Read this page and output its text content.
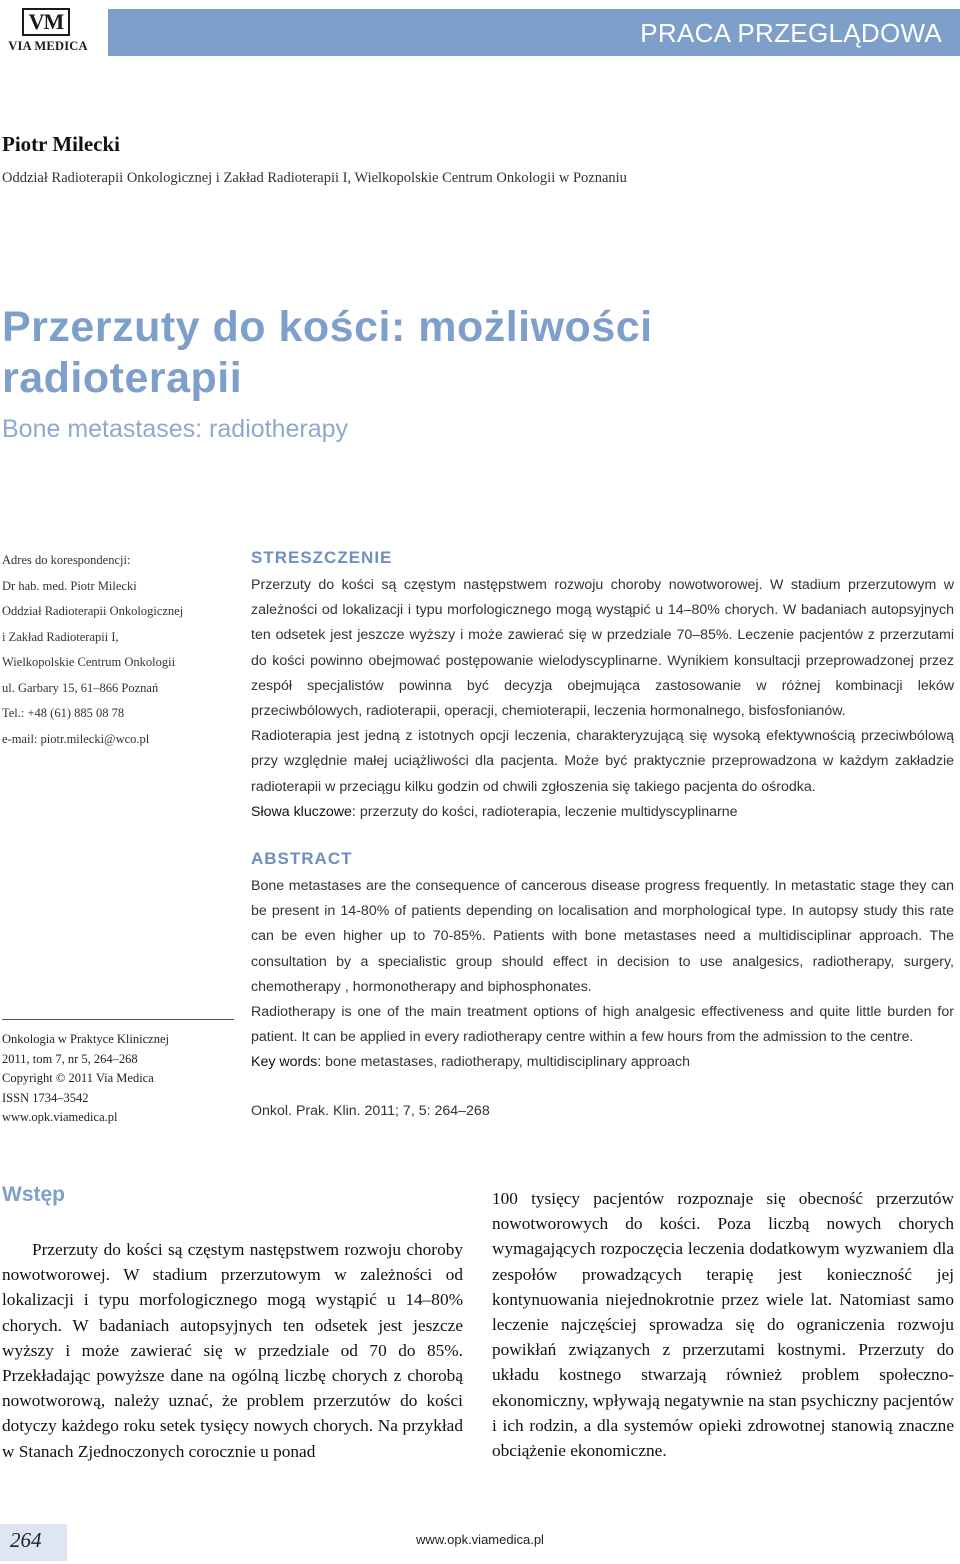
VM
VIA MEDICA	PRACA PRZEGLĄDOWA
Piotr Milecki
Oddział Radioterapii Onkologicznej i Zakład Radioterapii I, Wielkopolskie Centrum Onkologii w Poznaniu
Przerzuty do kości: możliwości radioterapii
Bone metastases: radiotherapy
Adres do korespondencji:
Dr hab. med. Piotr Milecki
Oddział Radioterapii Onkologicznej
i Zakład Radioterapii I,
Wielkopolskie Centrum Onkologii
ul. Garbary 15, 61–866 Poznań
Tel.: +48 (61) 885 08 78
e-mail: piotr.milecki@wco.pl
Onkologia w Praktyce Klinicznej
2011, tom 7, nr 5, 264–268
Copyright © 2011 Via Medica
ISSN 1734–3542
www.opk.viamedica.pl
STRESZCZENIE

Przerzuty do kości są częstym następstwem rozwoju choroby nowotworowej. W stadium przerzutowym w zależności od lokalizacji i typu morfologicznego mogą wystąpić u 14–80% chorych. W badaniach autopsyjnych ten odsetek jest jeszcze wyższy i może zawierać się w przedziale 70–85%. Leczenie pacjentów z przerzutami do kości powinno obejmować postępowanie wielodyscyplinarne. Wynikiem konsultacji przeprowadzonej przez zespół specjalistów powinna być decyzja obejmująca zastosowanie w różnej kombinacji leków przeciwbólowych, radioterapii, operacji, chemioterapii, leczenia hormonalnego, bisfosfonianów.

Radioterapia jest jedną z istotnych opcji leczenia, charakteryzującą się wysoką efektywnością przeciwbólową przy względnie małej uciążliwości dla pacjenta. Może być praktycznie przeprowadzona w każdym zakładzie radioterapii w przeciągu kilku godzin od chwili zgłoszenia się takiego pacjenta do ośrodka.

Słowa kluczowe: przerzuty do kości, radioterapia, leczenie multidyscyplinarne

ABSTRACT

Bone metastases are the consequence of cancerous disease progress frequently. In metastatic stage they can be present in 14-80% of patients depending on localisation and morphological type. In autopsy study this rate can be even higher up to 70-85%. Patients with bone metastases need a multidisciplinar approach. The consultation by a specialistic group should effect in decision to use analgesics, radiotherapy, surgery, chemotherapy , hormonotherapy and biphosphonates.

Radiotherapy is one of the main treatment options of high analgesic effectiveness and quite little burden for patient. It can be applied in every radiotherapy centre within a few hours from the admission to the centre.

Key words: bone metastases, radiotherapy, multidisciplinary approach

Onkol. Prak. Klin. 2011; 7, 5: 264–268
Wstęp

Przerzuty do kości są częstym następstwem rozwoju choroby nowotworowej. W stadium przerzutowym w zależności od lokalizacji i typu morfologicznego mogą wystąpić u 14–80% chorych. W badaniach autopsyjnych ten odsetek jest jeszcze wyższy i może zawierać się w przedziale od 70 do 85%. Przekładając powyższe dane na ogólną liczbę chorych z chorobą nowotworową, należy uznać, że problem przerzutów do kości dotyczy każdego roku setek tysięcy nowych chorych. Na przykład w Stanach Zjednoczonych corocznie u ponad

100 tysięcy pacjentów rozpoznaje się obecność przerzutów nowotworowych do kości. Poza liczbą nowych chorych wymagających rozpoczęcia leczenia dodatkowym wyzwaniem dla zespołów prowadzących terapię jest konieczność jej kontynuowania niejednokrotnie przez wiele lat. Natomiast samo leczenie najczęściej sprowadza się do ograniczenia rozwoju powikłań związanych z przerzutami kostnymi. Przerzuty do układu kostnego stwarzają również problem społeczno-ekonomiczny, wpływają negatywnie na stan psychiczny pacjentów i ich rodzin, a dla systemów opieki zdrowotnej stanowią znaczne obciążenie ekonomiczne.

264	www.opk.viamedica.pl
